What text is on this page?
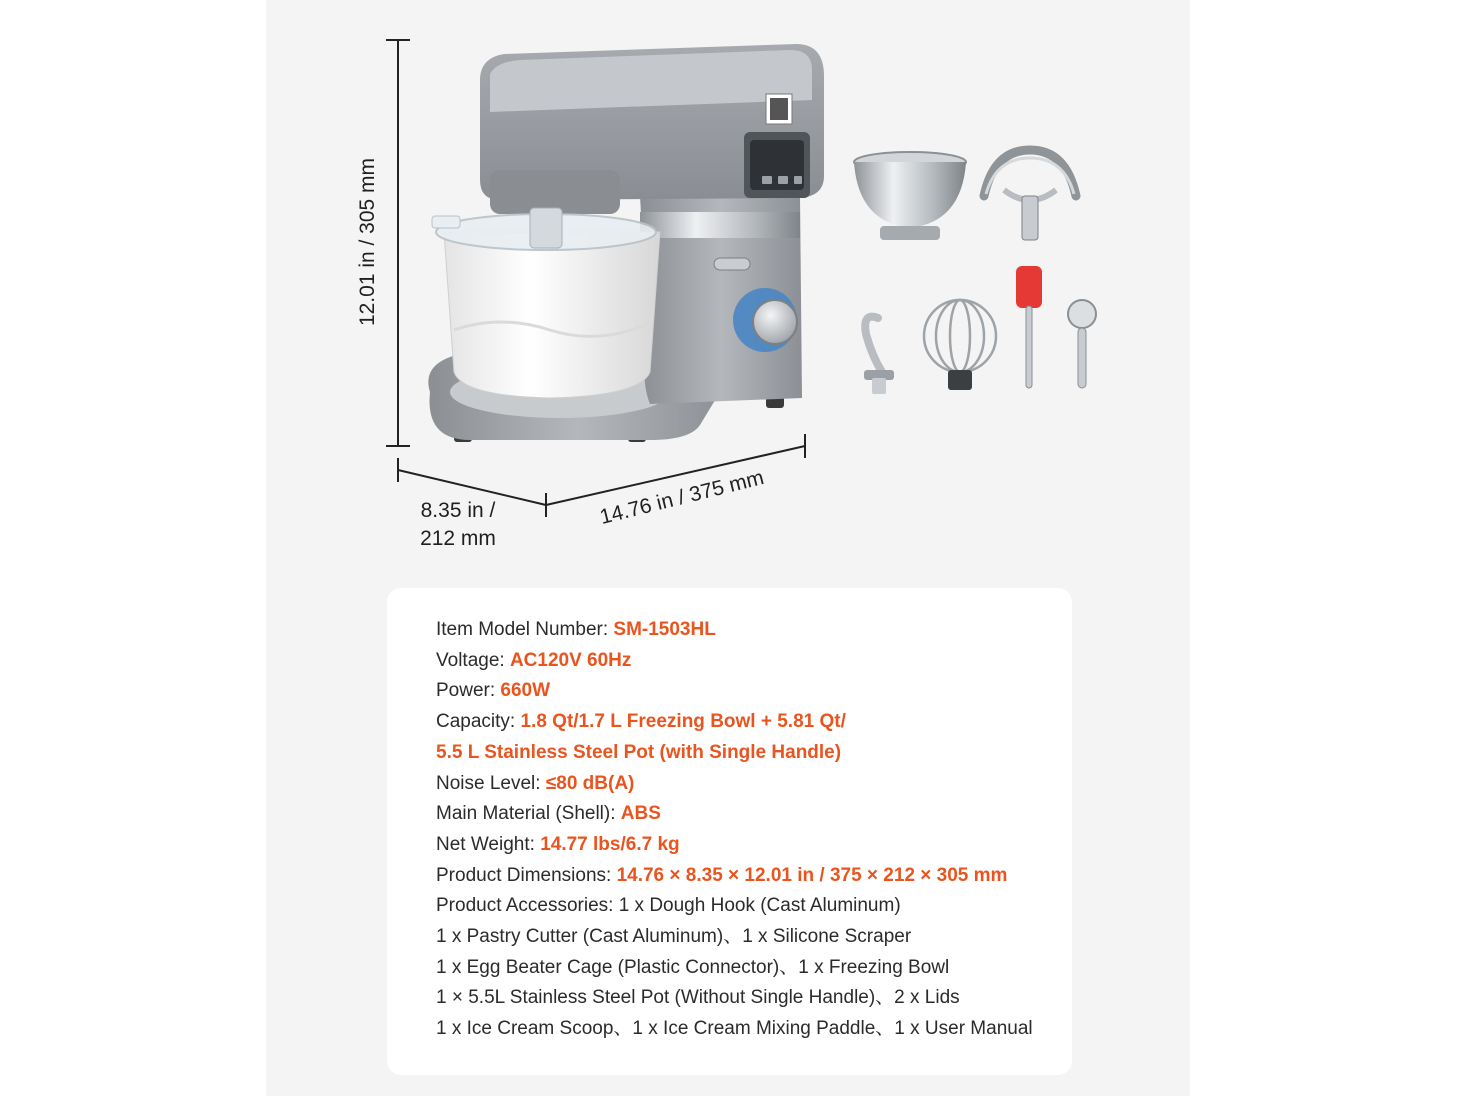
12.01 in / 305 mm
8.35 in /
212 mm
14.76 in / 375 mm
Item Model Number: SM-1503HL
Voltage: AC120V 60Hz
Power: 660W
Capacity: 1.8 Qt/1.7 L Freezing Bowl + 5.81 Qt/
5.5 L Stainless Steel Pot (with Single Handle)
Noise Level: ≤80 dB(A)
Main Material (Shell): ABS
Net Weight: 14.77 lbs/6.7 kg
Product Dimensions: 14.76 × 8.35 × 12.01 in / 375 × 212 × 305 mm
Product Accessories: 1 x Dough Hook (Cast Aluminum)
1 x Pastry Cutter (Cast Aluminum)、1 x Silicone Scraper
1 x Egg Beater Cage (Plastic Connector)、1 x Freezing Bowl
1 × 5.5L Stainless Steel Pot (Without Single Handle)、2 x Lids
1 x Ice Cream Scoop、1 x Ice Cream Mixing Paddle、1 x User Manual
